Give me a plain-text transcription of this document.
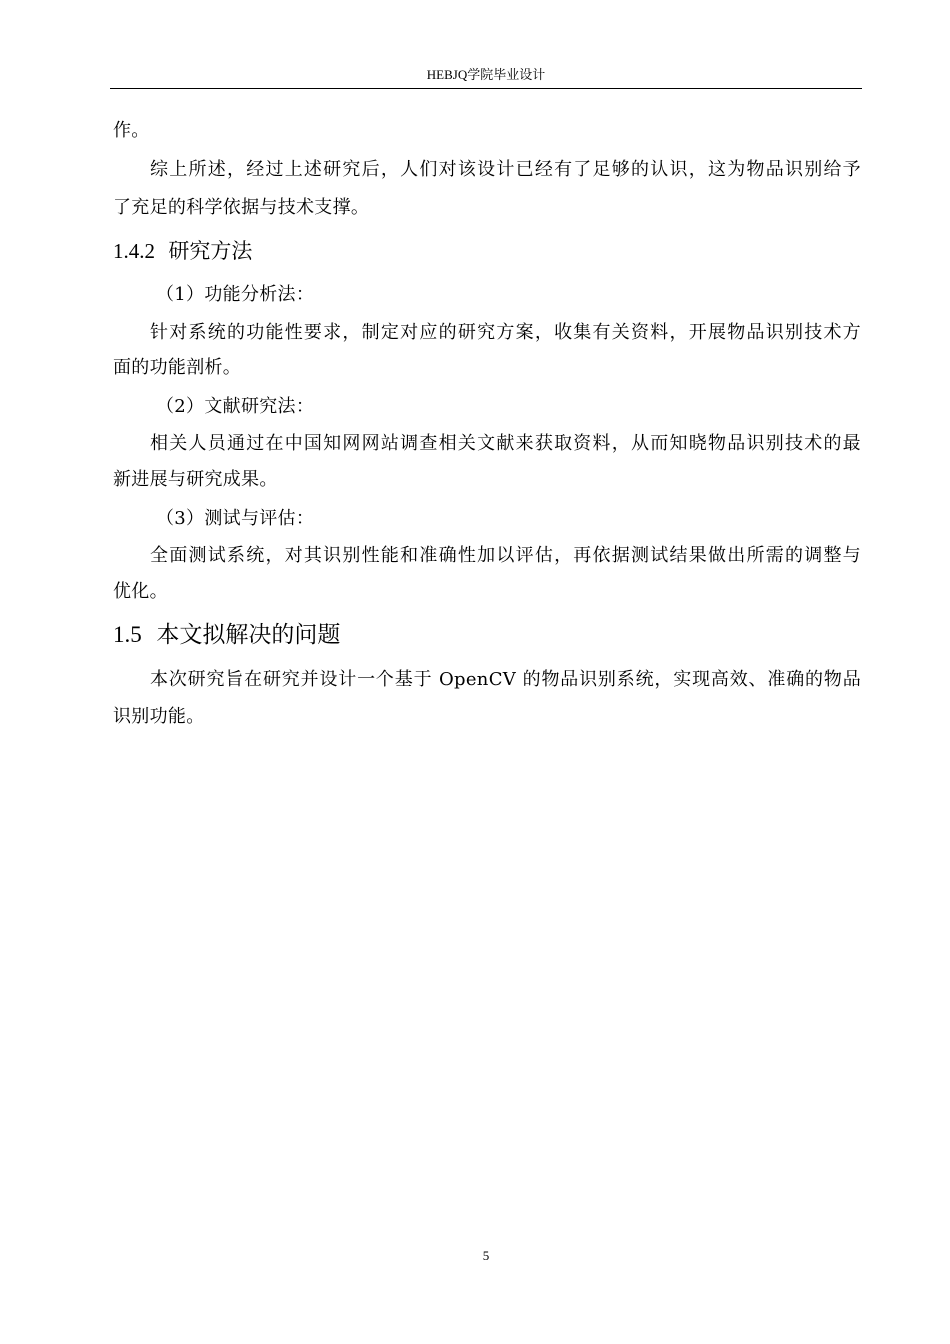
HEBJQ学院毕业设计
作。
综上所述，经过上述研究后，人们对该设计已经有了足够的认识，这为物品识别给予
了充足的科学依据与技术支撑。
1.4.2 研究方法
（1）功能分析法：
针对系统的功能性要求，制定对应的研究方案，收集有关资料，开展物品识别技术方
面的功能剖析。
（2）文献研究法：
相关人员通过在中国知网网站调查相关文献来获取资料，从而知晓物品识别技术的最
新进展与研究成果。
（3）测试与评估：
全面测试系统，对其识别性能和准确性加以评估，再依据测试结果做出所需的调整与
优化。
1.5 本文拟解决的问题
本次研究旨在研究并设计一个基于 OpenCV 的物品识别系统，实现高效、准确的物品
识别功能。
5
